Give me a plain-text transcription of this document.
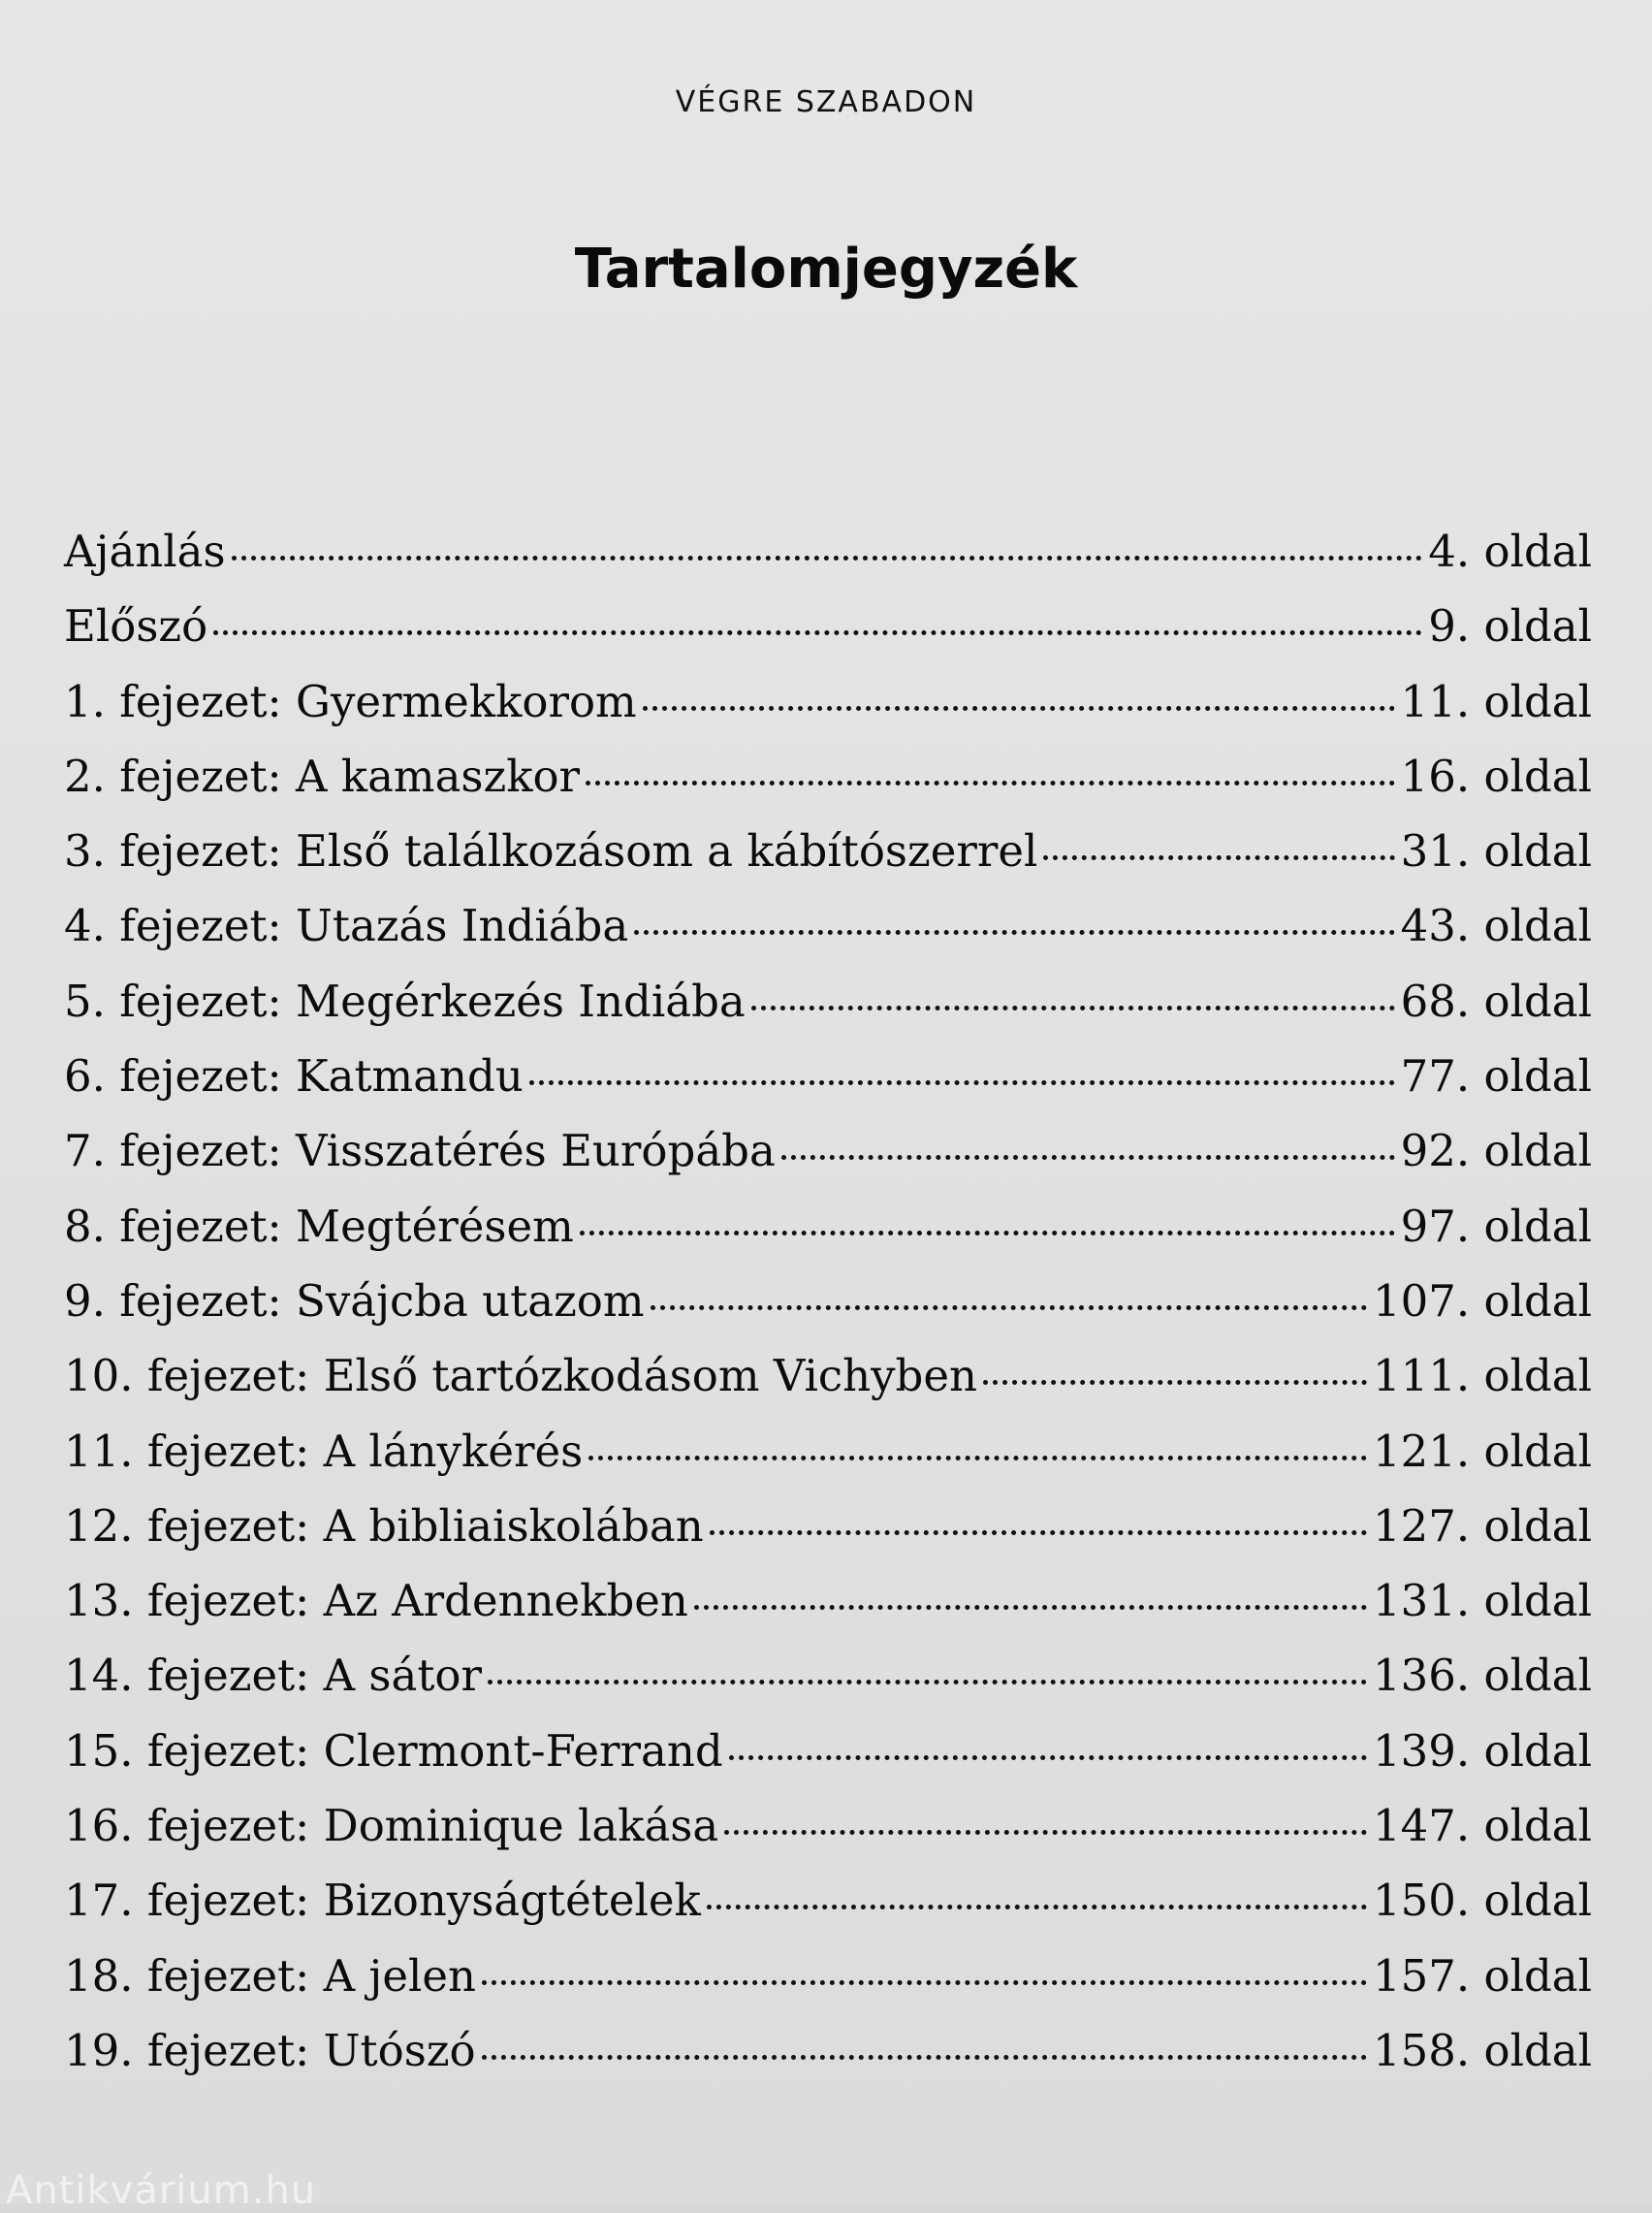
VÉGRE SZABADON
Tartalomjegyzék
Ajánlás	4. oldal
Előszó	9. oldal
1. fejezet: Gyermekkorom	11. oldal
2. fejezet: A kamaszkor	16. oldal
3. fejezet: Első találkozásom a kábítószerrel	31. oldal
4. fejezet: Utazás Indiába	43. oldal
5. fejezet: Megérkezés Indiába	68. oldal
6. fejezet: Katmandu	77. oldal
7. fejezet: Visszatérés Európába	92. oldal
8. fejezet: Megtérésem	97. oldal
9. fejezet: Svájcba utazom	107. oldal
10. fejezet: Első tartózkodásom Vichyben	111. oldal
11. fejezet: A lánykérés	121. oldal
12. fejezet: A bibliaiskolában	127. oldal
13. fejezet: Az Ardennekben	131. oldal
14. fejezet: A sátor	136. oldal
15. fejezet: Clermont-Ferrand	139. oldal
16. fejezet: Dominique lakása	147. oldal
17. fejezet: Bizonyságtételek	150. oldal
18. fejezet: A jelen	157. oldal
19. fejezet: Utószó	158. oldal
Antikvárium.hu
